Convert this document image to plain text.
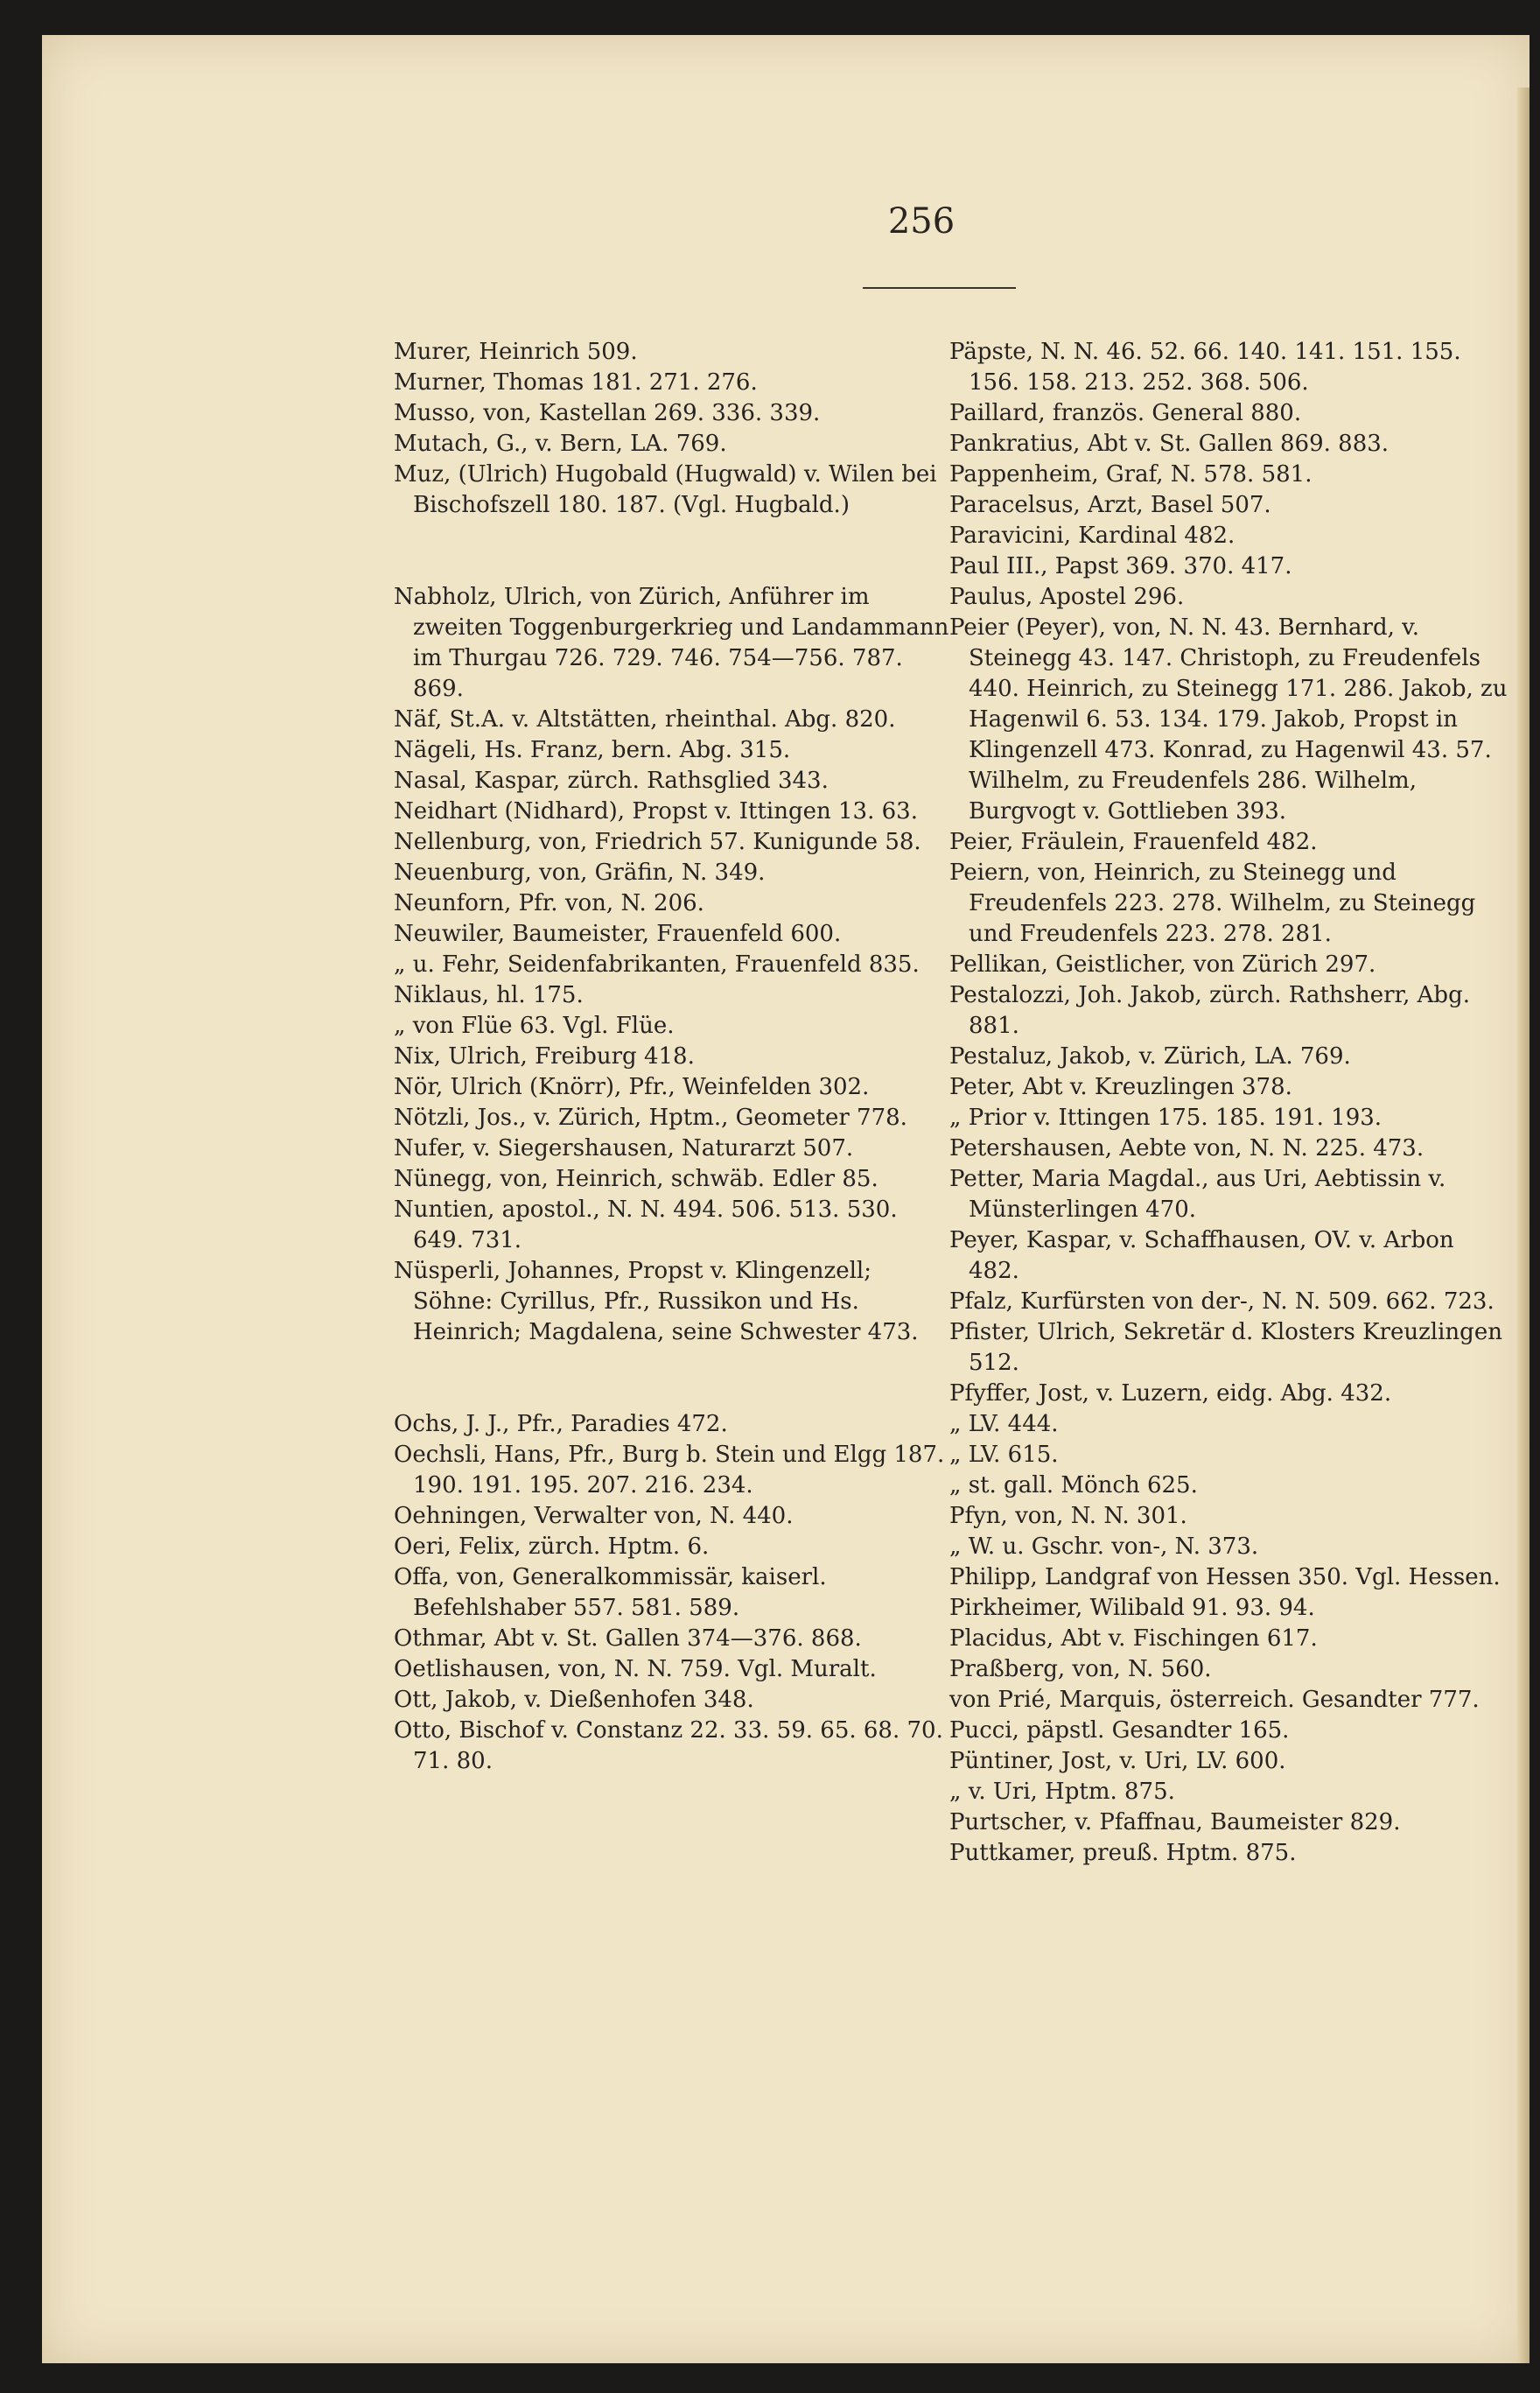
256

Murer, Heinrich 509.

Murner, Thomas 181. 271. 276.

Musso, von, Kastellan 269. 336. 339.

Mutach, G., v. Bern, LA. 769.

Muz, (Ulrich) Hugobald (Hugwald) v. Wilen bei Bischofszell 180. 187. (Vgl. Hugbald.)

Nabholz, Ulrich, von Zürich, Anführer im zweiten Toggenburgerkrieg und Landammann im Thurgau 726. 729. 746. 754—756. 787. 869.

Näf, St.A. v. Altstätten, rheinthal. Abg. 820.

Nägeli, Hs. Franz, bern. Abg. 315.

Nasal, Kaspar, zürch. Rathsglied 343.

Neidhart (Nidhard), Propst v. Ittingen 13. 63.

Nellenburg, von, Friedrich 57. Kunigunde 58.

Neuenburg, von, Gräfin, N. 349.

Neunforn, Pfr. von, N. 206.

Neuwiler, Baumeister, Frauenfeld 600.

„ u. Fehr, Seidenfabrikanten, Frauenfeld 835.

Niklaus, hl. 175.

„ von Flüe 63. Vgl. Flüe.

Nix, Ulrich, Freiburg 418.

Nör, Ulrich (Knörr), Pfr., Weinfelden 302.

Nötzli, Jos., v. Zürich, Hptm., Geometer 778.

Nufer, v. Siegershausen, Naturarzt 507.

Nünegg, von, Heinrich, schwäb. Edler 85.

Nuntien, apostol., N. N. 494. 506. 513. 530. 649. 731.

Nüsperli, Johannes, Propst v. Klingenzell; Söhne: Cyrillus, Pfr., Russikon und Hs. Heinrich; Magdalena, seine Schwester 473.

Ochs, J. J., Pfr., Paradies 472.

Oechsli, Hans, Pfr., Burg b. Stein und Elgg 187. 190. 191. 195. 207. 216. 234.

Oehningen, Verwalter von, N. 440.

Oeri, Felix, zürch. Hptm. 6.

Offa, von, Generalkommissär, kaiserl. Befehlshaber 557. 581. 589.

Othmar, Abt v. St. Gallen 374—376. 868.

Oetlishausen, von, N. N. 759. Vgl. Muralt.

Ott, Jakob, v. Dießenhofen 348.

Otto, Bischof v. Constanz 22. 33. 59. 65. 68. 70. 71. 80.

Päpste, N. N. 46. 52. 66. 140. 141. 151. 155. 156. 158. 213. 252. 368. 506.

Paillard, französ. General 880.

Pankratius, Abt v. St. Gallen 869. 883.

Pappenheim, Graf, N. 578. 581.

Paracelsus, Arzt, Basel 507.

Paravicini, Kardinal 482.

Paul III., Papst 369. 370. 417.

Paulus, Apostel 296.

Peier (Peyer), von, N. N. 43. Bernhard, v. Steinegg 43. 147. Christoph, zu Freudenfels 440. Heinrich, zu Steinegg 171. 286. Jakob, zu Hagenwil 6. 53. 134. 179. Jakob, Propst in Klingenzell 473. Konrad, zu Hagenwil 43. 57. Wilhelm, zu Freudenfels 286. Wilhelm, Burgvogt v. Gottlieben 393.

Peier, Fräulein, Frauenfeld 482.

Peiern, von, Heinrich, zu Steinegg und Freudenfels 223. 278. Wilhelm, zu Steinegg und Freudenfels 223. 278. 281.

Pellikan, Geistlicher, von Zürich 297.

Pestalozzi, Joh. Jakob, zürch. Rathsherr, Abg. 881.

Pestaluz, Jakob, v. Zürich, LA. 769.

Peter, Abt v. Kreuzlingen 378.

„ Prior v. Ittingen 175. 185. 191. 193.

Petershausen, Aebte von, N. N. 225. 473.

Petter, Maria Magdal., aus Uri, Aebtissin v. Münsterlingen 470.

Peyer, Kaspar, v. Schaffhausen, OV. v. Arbon 482.

Pfalz, Kurfürsten von der-, N. N. 509. 662. 723.

Pfister, Ulrich, Sekretär d. Klosters Kreuzlingen 512.

Pfyffer, Jost, v. Luzern, eidg. Abg. 432.

„ LV. 444.

„ LV. 615.

„ st. gall. Mönch 625.

Pfyn, von, N. N. 301.

„ W. u. Gschr. von-, N. 373.

Philipp, Landgraf von Hessen 350. Vgl. Hessen.

Pirkheimer, Wilibald 91. 93. 94.

Placidus, Abt v. Fischingen 617.

Praßberg, von, N. 560.

von Prié, Marquis, österreich. Gesandter 777.

Pucci, päpstl. Gesandter 165.

Püntiner, Jost, v. Uri, LV. 600.

„ v. Uri, Hptm. 875.

Purtscher, v. Pfaffnau, Baumeister 829.

Puttkamer, preuß. Hptm. 875.
